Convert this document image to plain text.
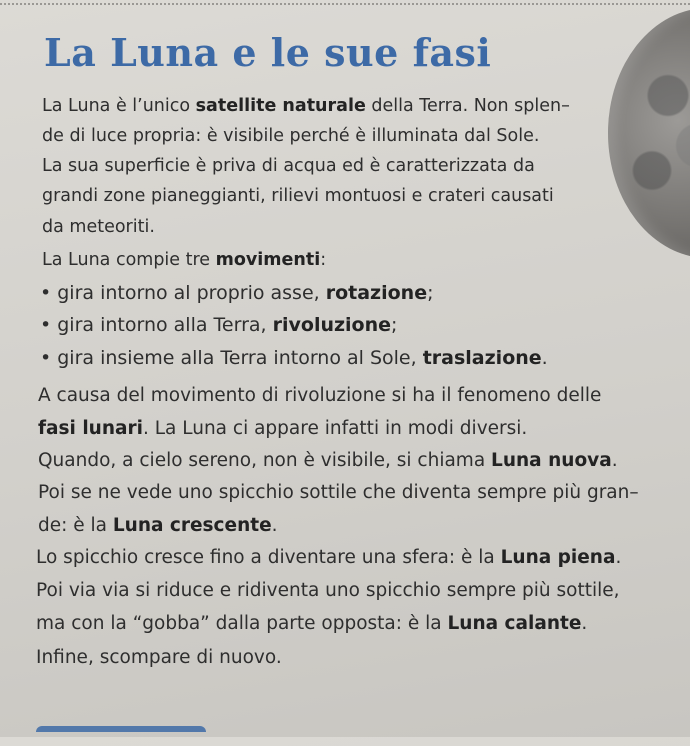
La Luna e le sue fasi

La Luna è l’unico satellite naturale della Terra. Non splen–

de di luce propria: è visibile perché è illuminata dal Sole.

La sua superficie è priva di acqua ed è caratterizzata da

grandi zone pianeggianti, rilievi montuosi e crateri causati

da meteoriti.

La Luna compie tre movimenti:

• gira intorno al proprio asse, rotazione;

• gira intorno alla Terra, rivoluzione;

• gira insieme alla Terra intorno al Sole, traslazione.

A causa del movimento di rivoluzione si ha il fenomeno delle

fasi lunari. La Luna ci appare infatti in modi diversi.

Quando, a cielo sereno, non è visibile, si chiama Luna nuova.

Poi se ne vede uno spicchio sottile che diventa sempre più gran–

de: è la Luna crescente.

Lo spicchio cresce fino a diventare una sfera: è la Luna piena.

Poi via via si riduce e ridiventa uno spicchio sempre più sottile,

ma con la “gobba” dalla parte opposta: è la Luna calante.

Infine, scompare di nuovo.
